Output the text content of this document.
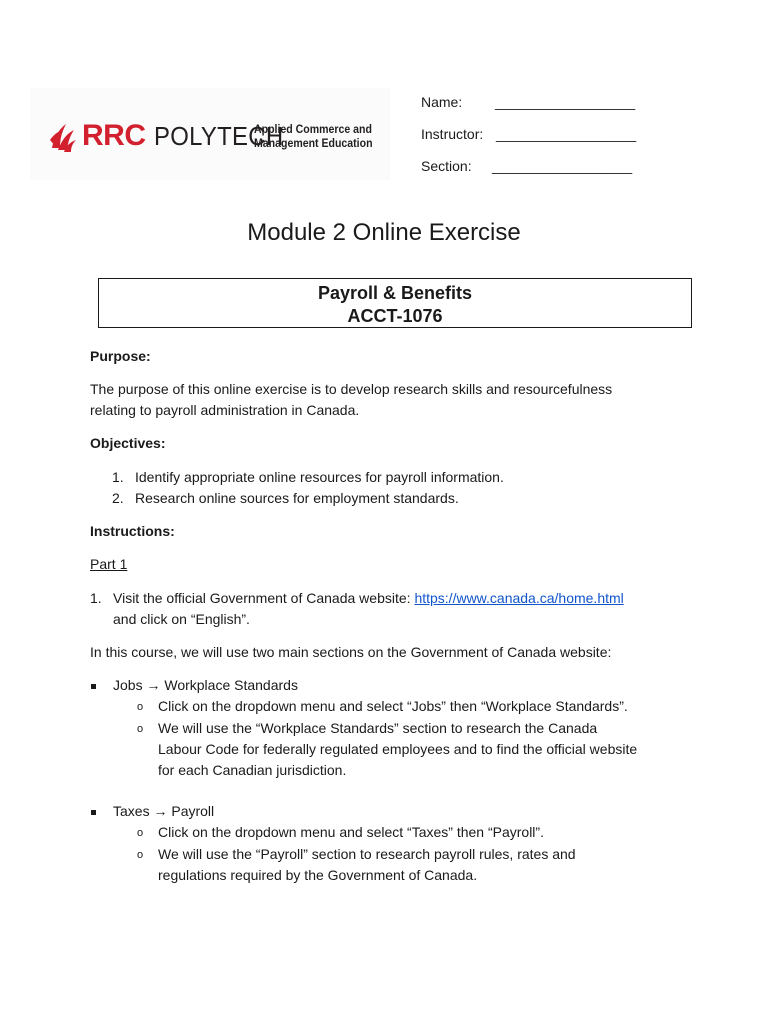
RRC POLYTECH
Applied Commerce and
Management Education
Name: __________________
Instructor: __________________
Section: __________________
Module 2 Online Exercise
Payroll & Benefits
ACCT-1076
Purpose:
The purpose of this online exercise is to develop research skills and resourcefulness
relating to payroll administration in Canada.
Objectives:
1. Identify appropriate online resources for payroll information.
2. Research online sources for employment standards.
Instructions:
Part 1
1. Visit the official Government of Canada website: https://www.canada.ca/home.html
and click on “English”.
In this course, we will use two main sections on the Government of Canada website:
Jobs → Workplace Standards
o Click on the dropdown menu and select “Jobs” then “Workplace Standards”.
o We will use the “Workplace Standards” section to research the Canada
Labour Code for federally regulated employees and to find the official website
for each Canadian jurisdiction.
Taxes → Payroll
o Click on the dropdown menu and select “Taxes” then “Payroll”.
o We will use the “Payroll” section to research payroll rules, rates and
regulations required by the Government of Canada.
